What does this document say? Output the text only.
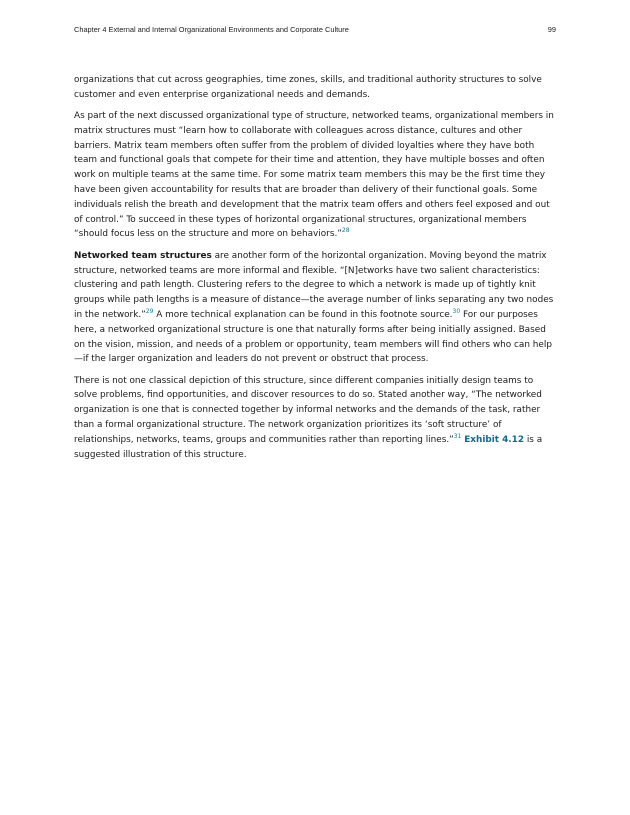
Chapter 4 External and Internal Organizational Environments and Corporate Culture	99

organizations that cut across geographies, time zones, skills, and traditional authority structures to solve customer and even enterprise organizational needs and demands.

As part of the next discussed organizational type of structure, networked teams, organizational members in matrix structures must “learn how to collaborate with colleagues across distance, cultures and other barriers. Matrix team members often suffer from the problem of divided loyalties where they have both team and functional goals that compete for their time and attention, they have multiple bosses and often work on multiple teams at the same time. For some matrix team members this may be the first time they have been given accountability for results that are broader than delivery of their functional goals. Some individuals relish the breath and development that the matrix team offers and others feel exposed and out of control.” To succeed in these types of horizontal organizational structures, organizational members “should focus less on the structure and more on behaviors.”$^{28}$

Networked team structures are another form of the horizontal organization. Moving beyond the matrix structure, networked teams are more informal and flexible. “[N]etworks have two salient characteristics: clustering and path length. Clustering refers to the degree to which a network is made up of tightly knit groups while path lengths is a measure of distance—the average number of links separating any two nodes in the network.”$^{29}$ A more technical explanation can be found in this footnote source.$^{30}$ For our purposes here, a networked organizational structure is one that naturally forms after being initially assigned. Based on the vision, mission, and needs of a problem or opportunity, team members will find others who can help—if the larger organization and leaders do not prevent or obstruct that process.

There is not one classical depiction of this structure, since different companies initially design teams to solve problems, find opportunities, and discover resources to do so. Stated another way, “The networked organization is one that is connected together by informal networks and the demands of the task, rather than a formal organizational structure. The network organization prioritizes its ‘soft structure’ of relationships, networks, teams, groups and communities rather than reporting lines.”$^{31}$ Exhibit 4.12 is a suggested illustration of this structure.
